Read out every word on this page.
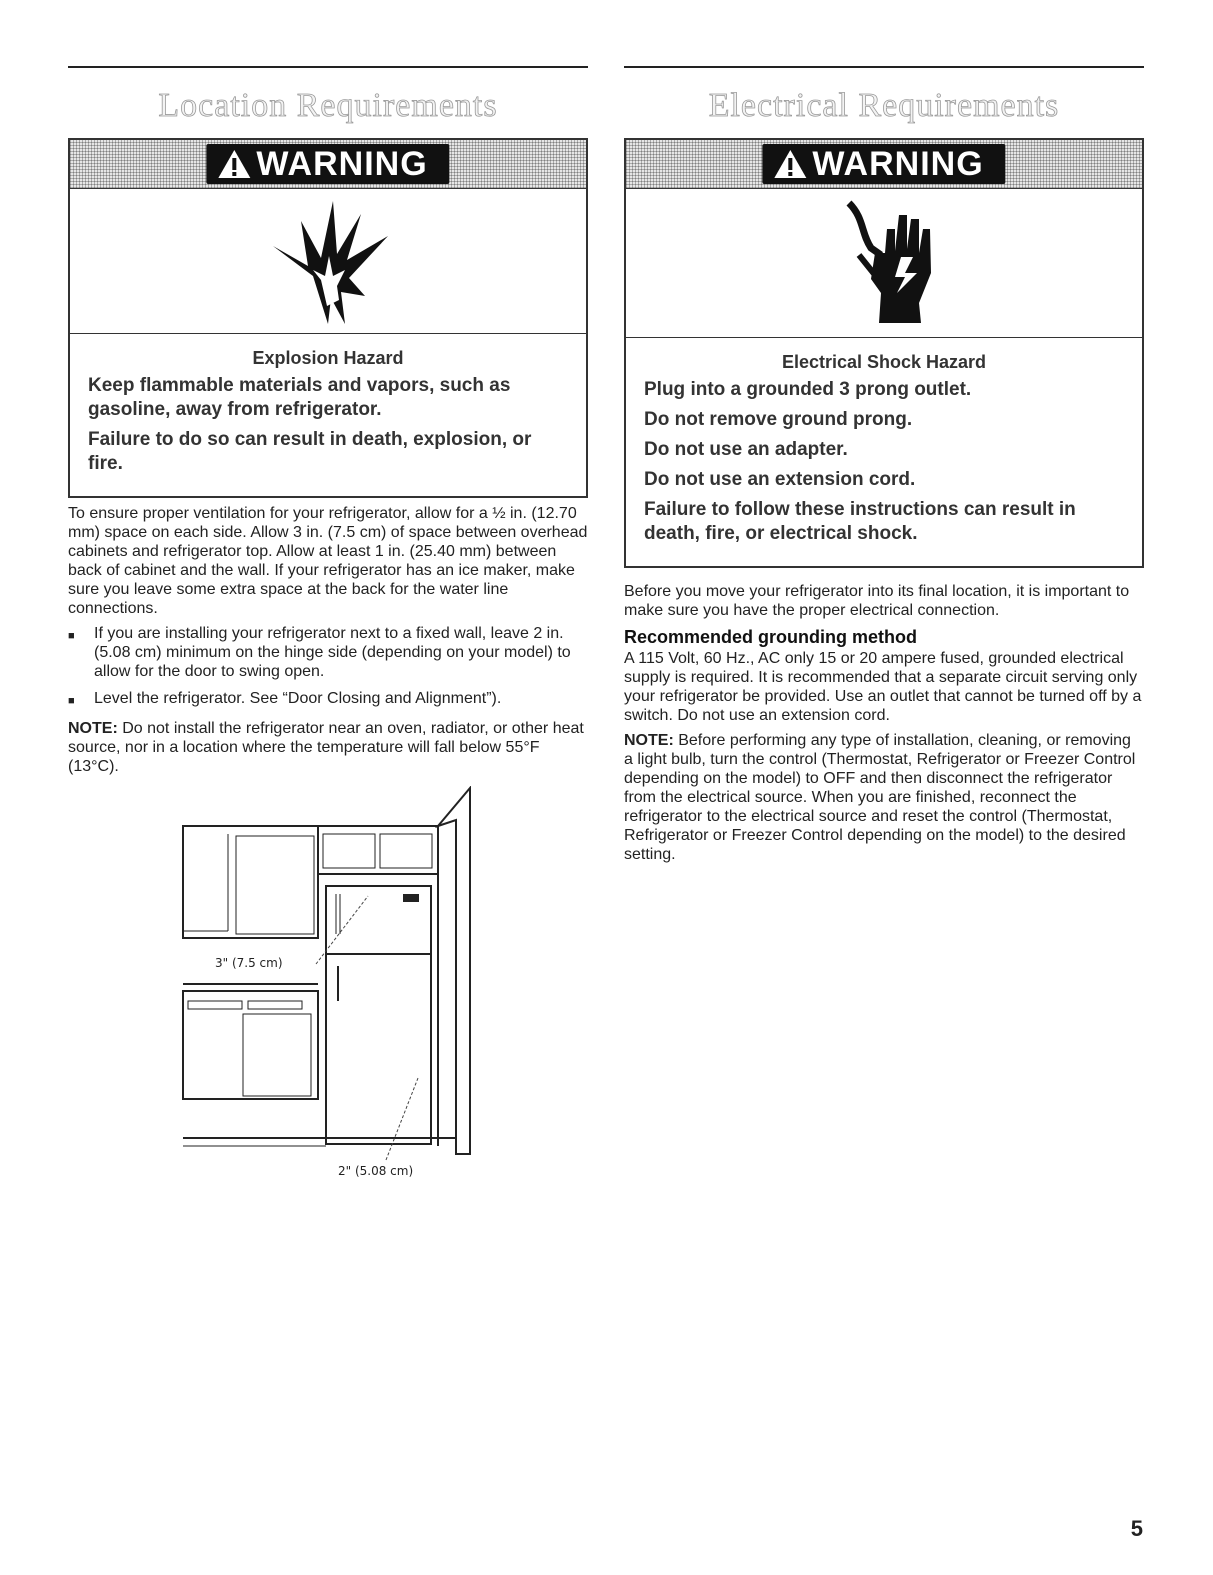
Location Requirements
WARNING
Explosion Hazard

Keep flammable materials and vapors, such as gasoline, away from refrigerator.

Failure to do so can result in death, explosion, or fire.

To ensure proper ventilation for your refrigerator, allow for a ½ in. (12.70 mm) space on each side. Allow 3 in. (7.5 cm) of space between overhead cabinets and refrigerator top. Allow at least 1 in. (25.40 mm) between back of cabinet and the wall. If your refrigerator has an ice maker, make sure you leave some extra space at the back for the water line connections.

■	If you are installing your refrigerator next to a fixed wall, leave 2 in. (5.08 cm) minimum on the hinge side (depending on your model) to allow for the door to swing open.
■	Level the refrigerator. See “Door Closing and Alignment”).

NOTE: Do not install the refrigerator near an oven, radiator, or other heat source, nor in a location where the temperature will fall below 55°F (13°C).

3" (7.5 cm)
2" (5.08 cm)
Electrical Requirements
WARNING
Electrical Shock Hazard

Plug into a grounded 3 prong outlet.

Do not remove ground prong.

Do not use an adapter.

Do not use an extension cord.

Failure to follow these instructions can result in death, fire, or electrical shock.

Before you move your refrigerator into its final location, it is important to make sure you have the proper electrical connection.

Recommended grounding method

A 115 Volt, 60 Hz., AC only 15 or 20 ampere fused, grounded electrical supply is required. It is recommended that a separate circuit serving only your refrigerator be provided. Use an outlet that cannot be turned off by a switch. Do not use an extension cord.

NOTE: Before performing any type of installation, cleaning, or removing a light bulb, turn the control (Thermostat, Refrigerator or Freezer Control depending on the model) to OFF and then disconnect the refrigerator from the electrical source. When you are finished, reconnect the refrigerator to the electrical source and reset the control (Thermostat, Refrigerator or Freezer Control depending on the model) to the desired setting.

5
